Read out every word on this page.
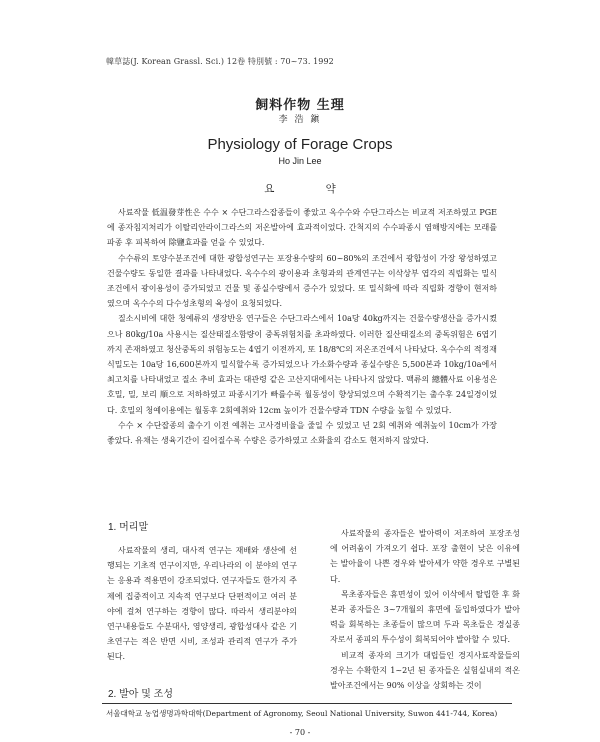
韓草誌(J. Korean Grassl. Sci.) 12卷 特別號 : 70~73. 1992
飼料作物 生理
李 浩 鎭
Physiology of Forage Crops
Ho Jin Lee
요 약

사료작물 低温發芽性은 수수 × 수단그라스잡종들이 좋았고 옥수수와 수단그라스는 비교적 저조하였고 PGE에 종자침지처리가 이탈리안라이그라스의 저온발아에 효과적이었다. 간척지의 수수파종시 염해방지에는 모래를 파종 후 피복하여 除鹽효과를 얻을 수 있었다.

수수류의 토양수분조건에 대한 광합성연구는 포장용수량의 60~80%의 조건에서 광합성이 가장 왕성하였고 건물수량도 동일한 결과를 나타내었다. 옥수수의 광이용과 초형과의 관계연구는 이삭상부 엽각의 직립화는 밀식조건에서 광이용성이 증가되었고 건물 및 종실수량에서 증수가 있었다. 또 밀식화에 따라 직립화 경향이 현저하였으며 옥수수의 다수성초형의 육성이 요청되었다.

질소시비에 대한 청예류의 생장반응 연구들은 수단그라스에서 10a당 40kg까지는 건물수량생산을 증가시켰으나 80kg/10a 사용시는 질산태질소함량이 중독위험치를 초과하였다. 이러한 질산태질소의 중독위험은 6엽기까지 존재하였고 청산중독의 위험농도는 4엽기 이전까지, 또 18/8℃의 저온조건에서 나타났다. 옥수수의 적정재식밀도는 10a당 16,600본까지 밀식할수록 증가되었으나 가소화수량과 종실수량은 5,500본과 10kg/10a에서 최고치를 나타내었고 질소 추비 효과는 대관령 같은 고산지대에서는 나타나지 않았다. 맥류의 總體사료 이용성은 호밀, 밀, 보리 順으로 저하하였고 파종시기가 빠를수록 월동성이 향상되었으며 수확적기는 출수후 24일경이었다. 호밀의 청예이용에는 월동후 2회예취와 12cm 높이가 건물수량과 TDN 수량을 높힐 수 있었다.

수수 × 수단잡종의 출수기 이전 예취는 고사경비율을 줄일 수 있었고 년 2회 예취와 예취높이 10cm가 가장 좋았다. 유채는 생육기간이 길어질수록 수량은 증가하였고 소화율의 감소도 현저하지 않았다.

1. 머리말

사료작물의 생리, 대사적 연구는 재배와 생산에 선행되는 기초적 연구이지만, 우리나라의 이 분야의 연구는 응용과 적용면이 강조되었다. 연구자들도 한가지 주제에 집중적이고 지속적 연구보다 단편적이고 여러 분야에 걸쳐 연구하는 경향이 많다. 따라서 생리분야의 연구내용들도 수분대사, 영양생리, 광합성대사 같은 기초연구는 적은 반면 시비, 조성과 관리적 연구가 주가 된다.

2. 발아 및 조성

사료작물의 종자들은 발아력이 저조하여 포장조성에 어려움이 가져오기 쉽다. 포장 출현이 낮은 이유에는 발아율이 나쁜 경우와 발아세가 약한 경우로 구별된다.

목초종자들은 휴면성이 있어 이삭에서 탈립한 후 화본과 종자들은 3~7개월의 휴면에 돌입하였다가 발아력을 회복하는 초종들이 많으며 두과 목초들은 경실종자로서 종피의 투수성이 회복되어야 발아할 수 있다.

비교적 종자의 크기가 대립들인 경지사료작물들의 경우는 수확한지 1~2년 된 종자들은 실험실내의 적온 발아조건에서는 90% 이상을 상회하는 것이

서울대학교 농업생명과학대학(Department of Agronomy, Seoul National University, Suwon 441-744, Korea)
- 70 -
